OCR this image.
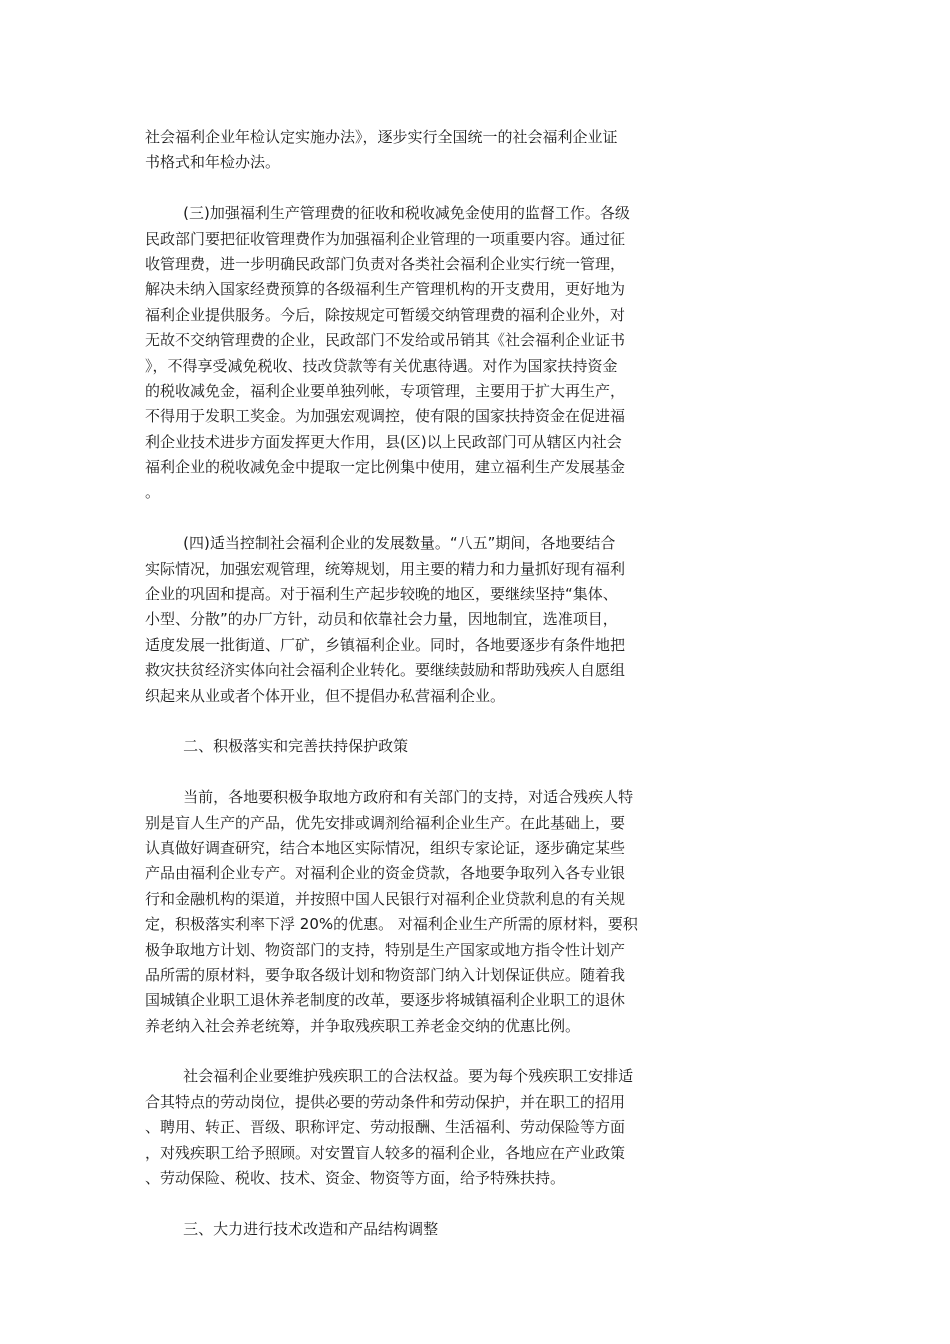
社会福利企业年检认定实施办法》，逐步实行全国统一的社会福利企业证
书格式和年检办法。
(三)加强福利生产管理费的征收和税收减免金使用的监督工作。各级
民政部门要把征收管理费作为加强福利企业管理的一项重要内容。通过征
收管理费，进一步明确民政部门负责对各类社会福利企业实行统一管理，
解决未纳入国家经费预算的各级福利生产管理机构的开支费用，更好地为
福利企业提供服务。今后，除按规定可暂缓交纳管理费的福利企业外，对
无故不交纳管理费的企业，民政部门不发给或吊销其《社会福利企业证书
》，不得享受减免税收、技改贷款等有关优惠待遇。对作为国家扶持资金
的税收减免金，福利企业要单独列帐，专项管理，主要用于扩大再生产，
不得用于发职工奖金。为加强宏观调控，使有限的国家扶持资金在促进福
利企业技术进步方面发挥更大作用，县(区)以上民政部门可从辖区内社会
福利企业的税收减免金中提取一定比例集中使用，建立福利生产发展基金
。
(四)适当控制社会福利企业的发展数量。“八五”期间，各地要结合
实际情况，加强宏观管理，统筹规划，用主要的精力和力量抓好现有福利
企业的巩固和提高。对于福利生产起步较晚的地区，要继续坚持“集体、
小型、分散”的办厂方针，动员和依靠社会力量，因地制宜，选准项目，
适度发展一批街道、厂矿，乡镇福利企业。同时，各地要逐步有条件地把
救灾扶贫经济实体向社会福利企业转化。要继续鼓励和帮助残疾人自愿组
织起来从业或者个体开业，但不提倡办私营福利企业。
二、积极落实和完善扶持保护政策
当前，各地要积极争取地方政府和有关部门的支持，对适合残疾人特
别是盲人生产的产品，优先安排或调剂给福利企业生产。在此基础上，要
认真做好调查研究，结合本地区实际情况，组织专家论证，逐步确定某些
产品由福利企业专产。对福利企业的资金贷款，各地要争取列入各专业银
行和金融机构的渠道，并按照中国人民银行对福利企业贷款利息的有关规
定，积极落实利率下浮 20%的优惠。 对福利企业生产所需的原材料，要积
极争取地方计划、物资部门的支持，特别是生产国家或地方指令性计划产
品所需的原材料，要争取各级计划和物资部门纳入计划保证供应。随着我
国城镇企业职工退休养老制度的改革，要逐步将城镇福利企业职工的退休
养老纳入社会养老统筹，并争取残疾职工养老金交纳的优惠比例。
社会福利企业要维护残疾职工的合法权益。要为每个残疾职工安排适
合其特点的劳动岗位，提供必要的劳动条件和劳动保护，并在职工的招用
、聘用、转正、晋级、职称评定、劳动报酬、生活福利、劳动保险等方面
，对残疾职工给予照顾。对安置盲人较多的福利企业，各地应在产业政策
、劳动保险、税收、技术、资金、物资等方面，给予特殊扶持。
三、大力进行技术改造和产品结构调整
